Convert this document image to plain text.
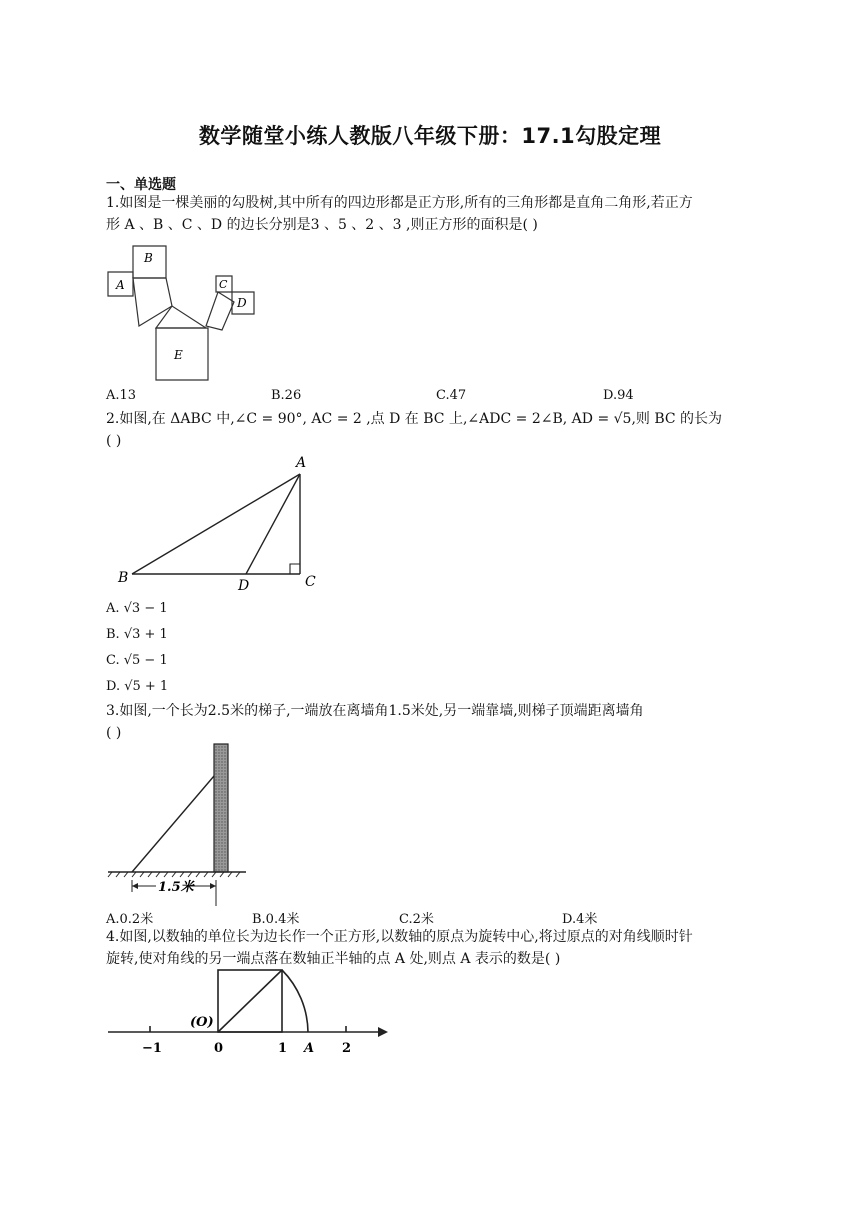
数学随堂小练人教版八年级下册：17.1勾股定理
一、单选题
1.如图是一棵美丽的勾股树,其中所有的四边形都是正方形,所有的三角形都是直角二角形,若正方
形 A 、B 、C 、D 的边长分别是3 、5 、2 、3 ,则正方形的面积是( )
B
A	C
D
E
A.13	B.26	C.47	D.94
2.如图,在 ΔABC 中,∠C = 90°, AC = 2 ,点 D 在 BC 上,∠ADC = 2∠B, AD = √5,则 BC 的长为
( )
A
B	D	C
A. √3 − 1
B. √3 + 1
C. √5 − 1
D. √5 + 1
3.如图,一个长为2.5米的梯子,一端放在离墙角1.5米处,另一端靠墙,则梯子顶端距离墙角
( )
1.5米
A.0.2米	B.0.4米	C.2米	D.4米
4.如图,以数轴的单位长为边长作一个正方形,以数轴的原点为旋转中心,将过原点的对角线顺时针
旋转,使对角线的另一端点落在数轴正半轴的点 A 处,则点 A 表示的数是( )
(O)
−1	0	1 A 2
